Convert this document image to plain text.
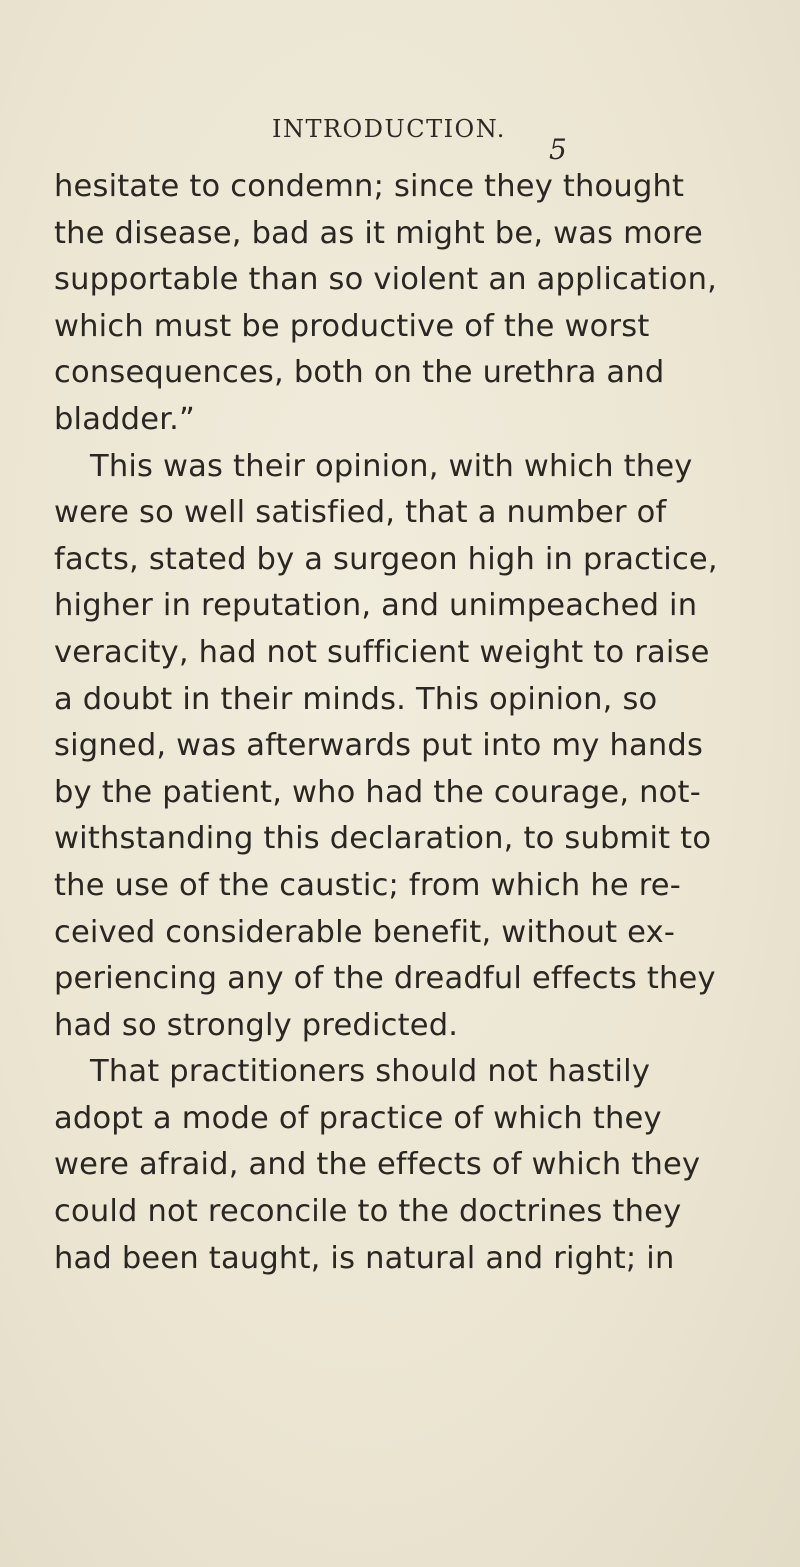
INTRODUCTION.
5
hesitate to condemn; since they thought
the disease, bad as it might be, was more
supportable than so violent an application,
which must be productive of the worst
consequences, both on the urethra and
bladder.”
This was their opinion, with which they
were so well satisfied, that a number of
facts, stated by a surgeon high in practice,
higher in reputation, and unimpeached in
veracity, had not sufficient weight to raise
a doubt in their minds. This opinion, so
signed, was afterwards put into my hands
by the patient, who had the courage, not-
withstanding this declaration, to submit to
the use of the caustic; from which he re-
ceived considerable benefit, without ex-
periencing any of the dreadful effects they
had so strongly predicted.
That practitioners should not hastily
adopt a mode of practice of which they
were afraid, and the effects of which they
could not reconcile to the doctrines they
had been taught, is natural and right; in
